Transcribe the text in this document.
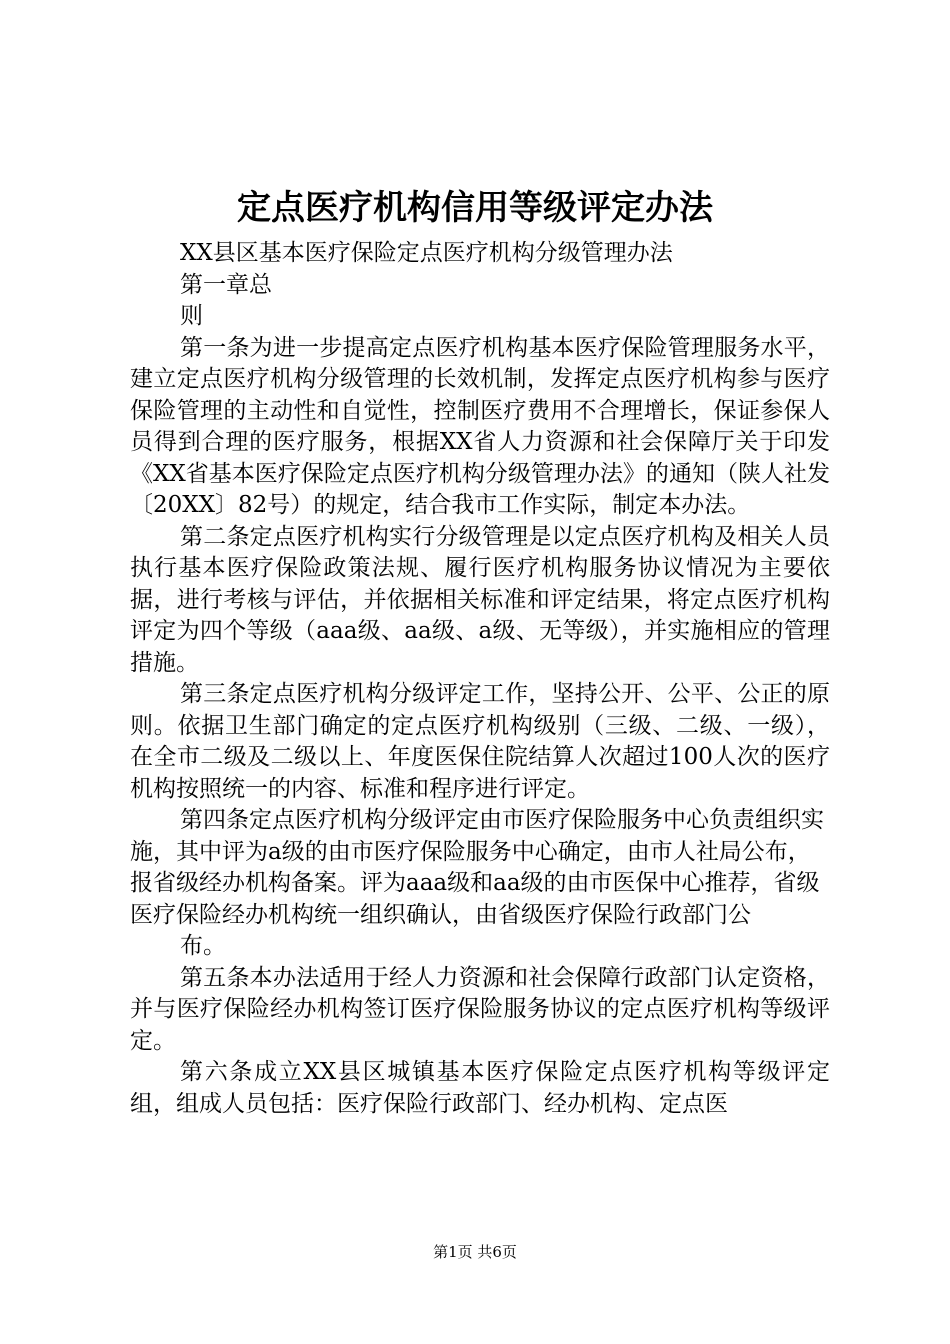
定点医疗机构信用等级评定办法

XX县区基本医疗保险定点医疗机构分级管理办法

第一章总

则

第一条为进一步提高定点医疗机构基本医疗保险管理服务水平，建立定点医疗机构分级管理的长效机制，发挥定点医疗机构参与医疗保险管理的主动性和自觉性，控制医疗费用不合理增长，保证参保人员得到合理的医疗服务，根据XX省人力资源和社会保障厅关于印发《XX省基本医疗保险定点医疗机构分级管理办法》的通知（陕人社发〔20XX〕82号）的规定，结合我市工作实际，制定本办法。

第二条定点医疗机构实行分级管理是以定点医疗机构及相关人员执行基本医疗保险政策法规、履行医疗机构服务协议情况为主要依据，进行考核与评估，并依据相关标准和评定结果，将定点医疗机构评定为四个等级（aaa级、aa级、a级、无等级），并实施相应的管理措施。

第三条定点医疗机构分级评定工作，坚持公开、公平、公正的原则。依据卫生部门确定的定点医疗机构级别（三级、二级、一级），在全市二级及二级以上、年度医保住院结算人次超过100人次的医疗机构按照统一的内容、标准和程序进行评定。

第四条定点医疗机构分级评定由市医疗保险服务中心负责组织实施，其中评为a级的由市医疗保险服务中心确定，由市人社局公布，报省级经办机构备案。评为aaa级和aa级的由市医保中心推荐，省级医疗保险经办机构统一组织确认，由省级医疗保险行政部门公

布。

第五条本办法适用于经人力资源和社会保障行政部门认定资格，并与医疗保险经办机构签订医疗保险服务协议的定点医疗机构等级评定。

第六条成立XX县区城镇基本医疗保险定点医疗机构等级评定组，组成人员包括：医疗保险行政部门、经办机构、定点医

第1页 共6页
